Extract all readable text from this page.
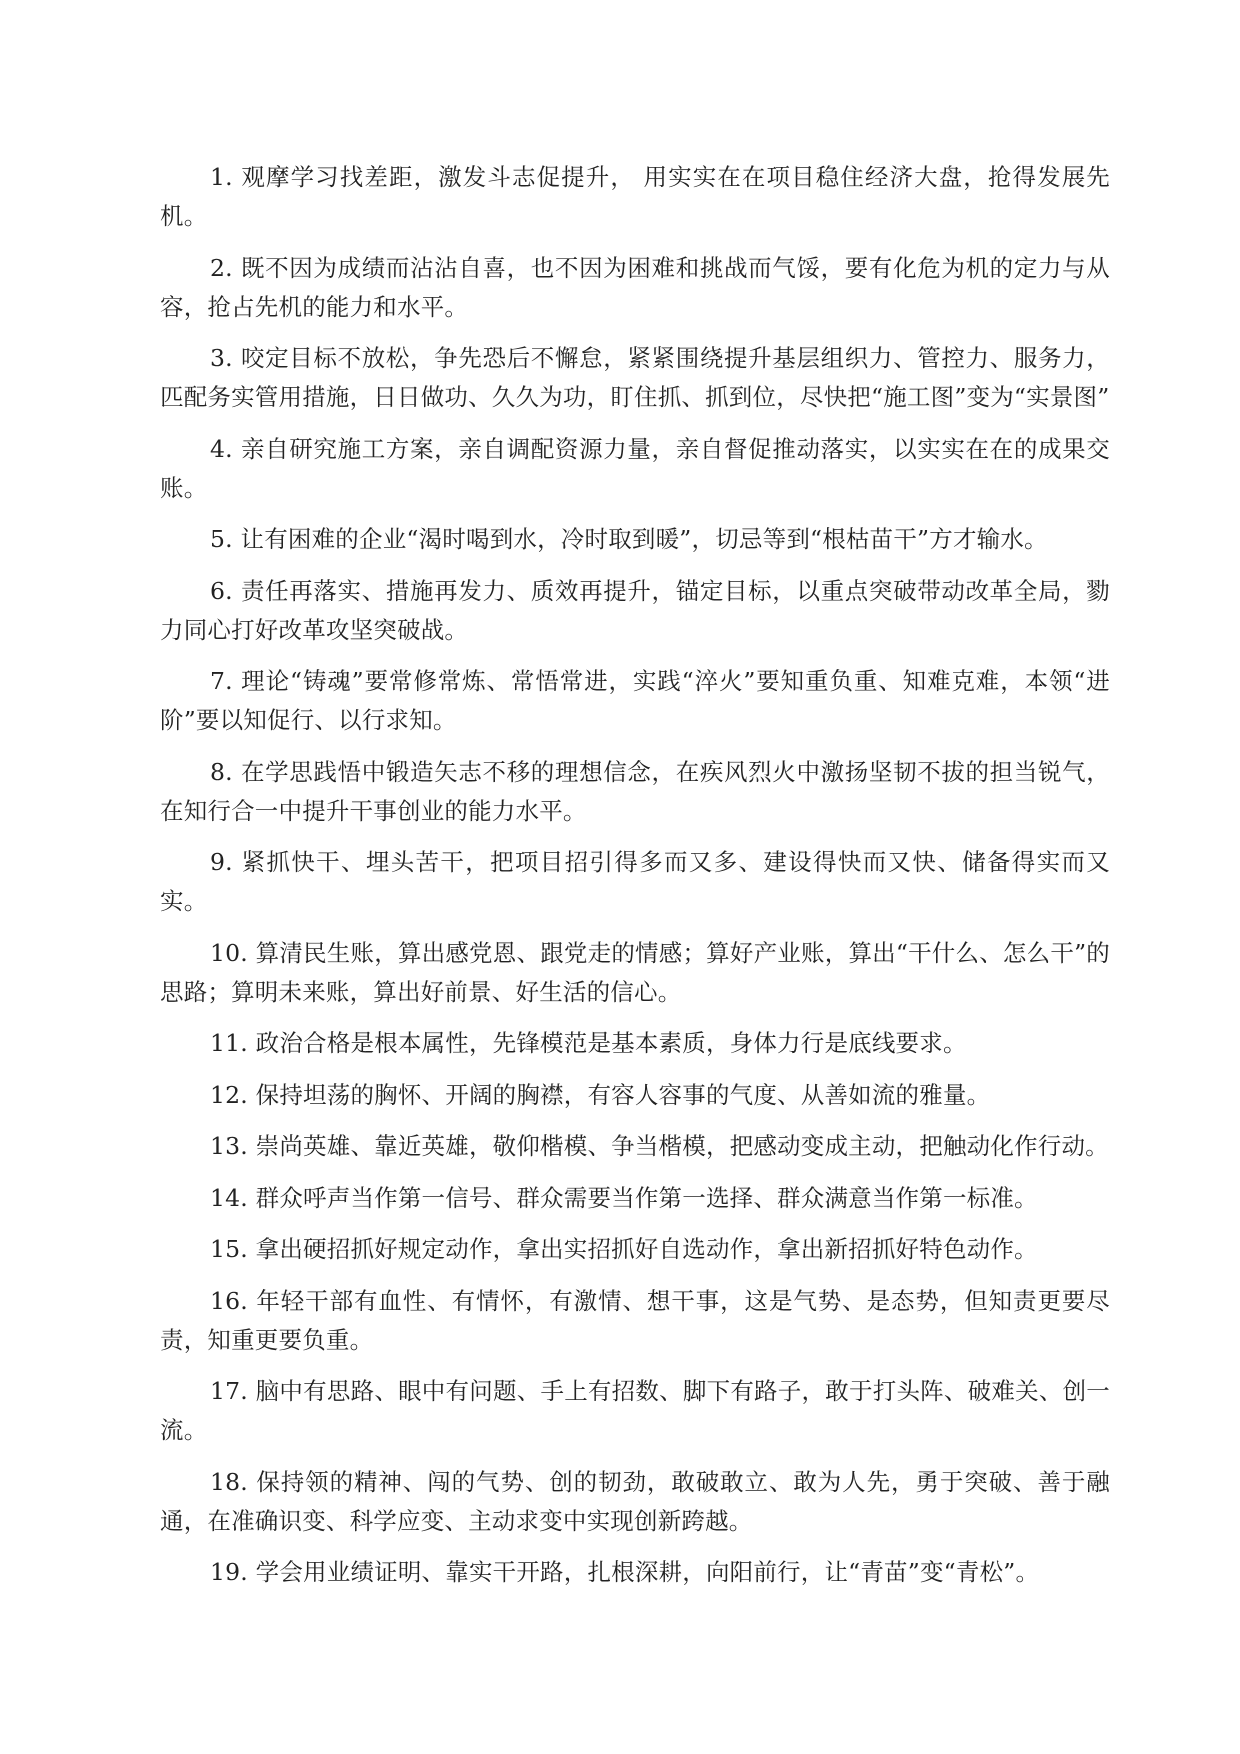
1. 观摩学习找差距，激发斗志促提升， 用实实在在项目稳住经济大盘，抢得发展先机。

2. 既不因为成绩而沾沾自喜，也不因为困难和挑战而气馁，要有化危为机的定力与从容，抢占先机的能力和水平。

3. 咬定目标不放松，争先恐后不懈怠，紧紧围绕提升基层组织力、管控力、服务力，匹配务实管用措施，日日做功、久久为功，盯住抓、抓到位，尽快把“施工图”变为“实景图”

4. 亲自研究施工方案，亲自调配资源力量，亲自督促推动落实，以实实在在的成果交账。

5. 让有困难的企业“渴时喝到水，冷时取到暖”，切忌等到“根枯苗干”方才输水。

6. 责任再落实、措施再发力、质效再提升，锚定目标，以重点突破带动改革全局，勠力同心打好改革攻坚突破战。

7. 理论“铸魂”要常修常炼、常悟常进，实践“淬火”要知重负重、知难克难，本领“进阶”要以知促行、以行求知。

8. 在学思践悟中锻造矢志不移的理想信念，在疾风烈火中激扬坚韧不拔的担当锐气，在知行合一中提升干事创业的能力水平。

9. 紧抓快干、埋头苦干，把项目招引得多而又多、建设得快而又快、储备得实而又实。

10. 算清民生账，算出感党恩、跟党走的情感；算好产业账，算出“干什么、怎么干”的思路；算明未来账，算出好前景、好生活的信心。

11. 政治合格是根本属性，先锋模范是基本素质，身体力行是底线要求。

12. 保持坦荡的胸怀、开阔的胸襟，有容人容事的气度、从善如流的雅量。

13. 崇尚英雄、靠近英雄，敬仰楷模、争当楷模，把感动变成主动，把触动化作行动。

14. 群众呼声当作第一信号、群众需要当作第一选择、群众满意当作第一标准。

15. 拿出硬招抓好规定动作，拿出实招抓好自选动作，拿出新招抓好特色动作。

16. 年轻干部有血性、有情怀，有激情、想干事，这是气势、是态势，但知责更要尽责，知重更要负重。

17. 脑中有思路、眼中有问题、手上有招数、脚下有路子，敢于打头阵、破难关、创一流。

18. 保持领的精神、闯的气势、创的韧劲，敢破敢立、敢为人先，勇于突破、善于融通，在准确识变、科学应变、主动求变中实现创新跨越。

19. 学会用业绩证明、靠实干开路，扎根深耕，向阳前行，让“青苗”变“青松”。
